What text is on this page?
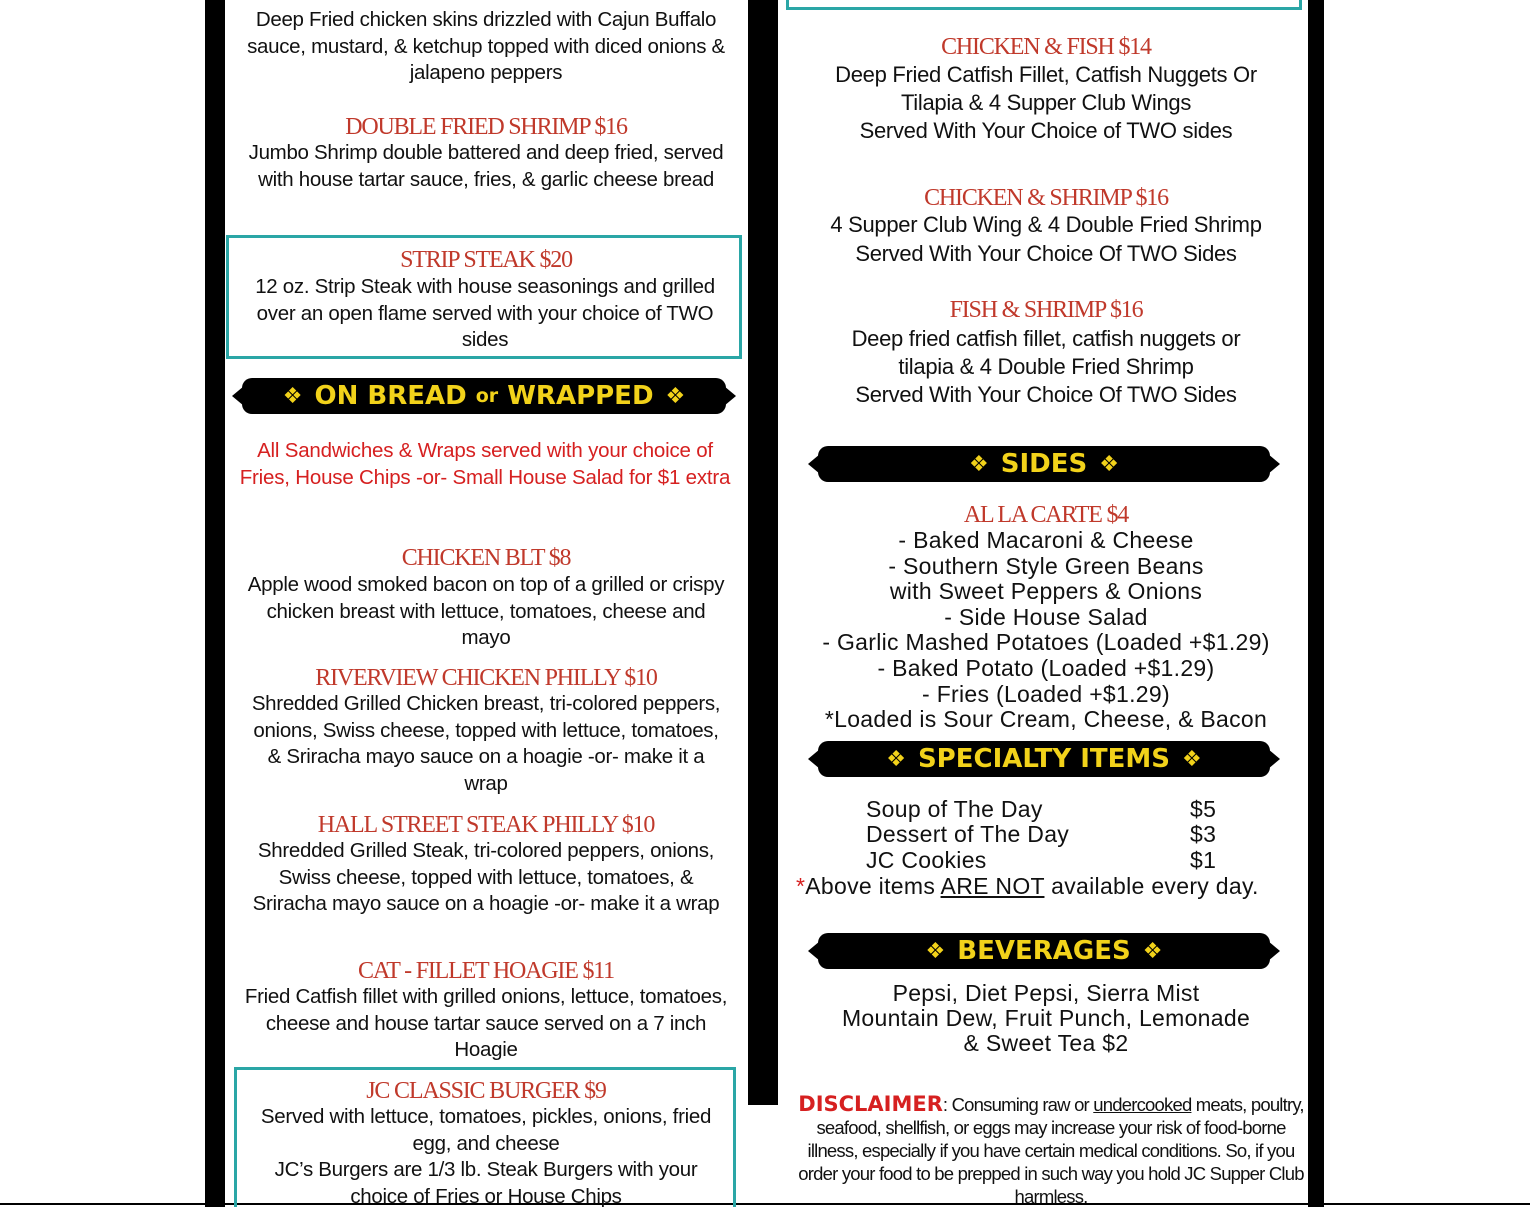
Deep Fried chicken skins drizzled with Cajun Buffalo sauce, mustard, & ketchup topped with diced onions & jalapeno peppers
DOUBLE FRIED SHRIMP $16
Jumbo Shrimp double battered and deep fried, served with house tartar sauce, fries, & garlic cheese bread
STRIP STEAK $20
12 oz. Strip Steak with house seasonings and grilled over an open flame served with your choice of TWO sides
❖ ON BREAD
or
WRAPPED ❖
All Sandwiches & Wraps served with your choice of Fries, House Chips -or- Small House Salad for $1 extra
CHICKEN BLT $8
Apple wood smoked bacon on top of a grilled or crispy chicken breast with lettuce, tomatoes, cheese and mayo
RIVERVIEW CHICKEN PHILLY $10
Shredded Grilled Chicken breast, tri-colored peppers, onions, Swiss cheese, topped with lettuce, tomatoes, & Sriracha mayo sauce on a hoagie -or- make it a wrap
HALL STREET STEAK PHILLY $10
Shredded Grilled Steak, tri-colored peppers, onions, Swiss cheese, topped with lettuce, tomatoes, & Sriracha mayo sauce on a hoagie -or- make it a wrap
CAT - FILLET HOAGIE $11
Fried Catfish fillet with grilled onions, lettuce, tomatoes, cheese and house tartar sauce served on a 7 inch Hoagie
JC CLASSIC BURGER $9
Served with lettuce, tomatoes, pickles, onions, fried egg, and cheese
JC’s Burgers are 1/3 lb. Steak Burgers with your choice of Fries or House Chips
CHICKEN & FISH $14
Deep Fried Catfish Fillet, Catfish Nuggets Or
Tilapia & 4 Supper Club Wings
Served With Your Choice of TWO sides
CHICKEN & SHRIMP $16
4 Supper Club Wing & 4 Double Fried Shrimp
Served With Your Choice Of TWO Sides
FISH & SHRIMP $16
Deep fried catfish fillet, catfish nuggets or
tilapia & 4 Double Fried Shrimp
Served With Your Choice Of TWO Sides
❖ SIDES ❖
AL LA CARTE $4
- Baked Macaroni & Cheese
- Southern Style Green Beans
with Sweet Peppers & Onions
- Side House Salad
- Garlic Mashed Potatoes (Loaded +$1.29)
- Baked Potato (Loaded +$1.29)
- Fries (Loaded +$1.29)
*Loaded is Sour Cream, Cheese, & Bacon
❖ SPECIALTY ITEMS ❖
Soup of The Day	$5
Dessert of The Day	$3
JC Cookies	$1
*Above items ARE NOT available every day.
❖ BEVERAGES ❖
Pepsi, Diet Pepsi, Sierra Mist
Mountain Dew, Fruit Punch, Lemonade
& Sweet Tea $2
DISCLAIMER: Consuming raw or undercooked meats, poultry, seafood, shellfish, or eggs may increase your risk of food-borne illness, especially if you have certain medical conditions. So, if you order your food to be prepped in such way you hold JC Supper Club harmless.
